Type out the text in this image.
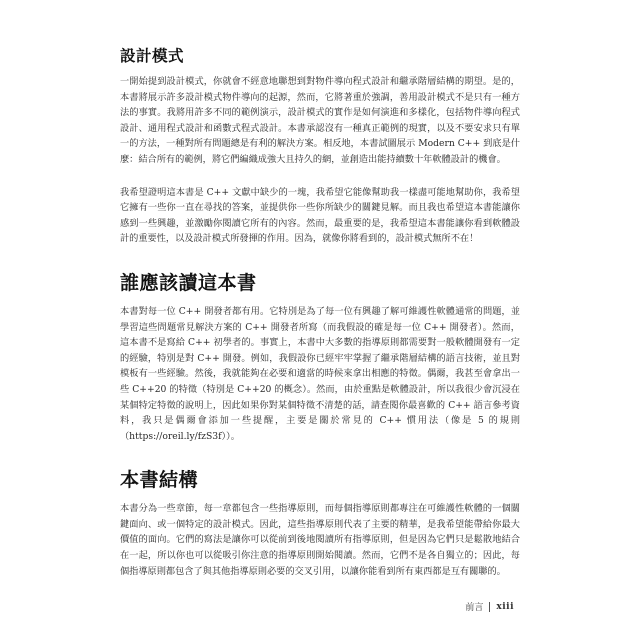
設計模式

一開始提到設計模式，你就會不經意地聯想到對物件導向程式設計和繼承階層結構的期望。是的，本書將展示許多設計模式物件導向的起源，然而，它將著重於強調，善用設計模式不是只有一種方法的事實。我將用許多不同的範例演示，設計模式的實作是如何演進和多樣化，包括物件導向程式設計、通用程式設計和函數式程式設計。本書承認沒有一種真正範例的現實，以及不要安求只有單一的方法，一種對所有問題總是有利的解決方案。相反地，本書試圖展示 Modern C++ 到底是什麼：結合所有的範例，將它們編織成強大且持久的網，並創造出能持續數十年軟體設計的機會。

我希望證明這本書是 C++ 文獻中缺少的一塊，我希望它能像幫助我一樣盡可能地幫助你，我希望它擁有一些你一直在尋找的答案，並提供你一些你所缺少的關鍵見解。而且我也希望這本書能讓你感到一些興趣，並激勵你閱讀它所有的內容。然而，最重要的是，我希望這本書能讓你看到軟體設計的重要性，以及設計模式所發揮的作用。因為，就像你將看到的，設計模式無所不在！

誰應該讀這本書

本書對每一位 C++ 開發者都有用。它特別是為了每一位有興趣了解可維護性軟體通常的問題，並學習這些問題常見解決方案的 C++ 開發者所寫（而我假設的確是每一位 C++ 開發者）。然而，這本書不是寫給 C++ 初學者的。事實上，本書中大多數的指導原則都需要對一般軟體開發有一定的經驗，特別是對 C++ 開發。例如，我假設你已經牢牢掌握了繼承階層結構的語言技術，並且對模板有一些經驗。然後，我就能夠在必要和適當的時候來拿出相應的特徵。偶爾，我甚至會拿出一些 C++20 的特徵（特別是 C++20 的概念）。然而，由於重點是軟體設計，所以我很少會沉浸在某個特定特徵的說明上，因此如果你對某個特徵不清楚的話，請查閱你最喜歡的 C++ 語言參考資料，我只是偶爾會添加一些提醒，主要是關於常見的 C++ 慣用法（像是 5 的規則（https://oreil.ly/fzS3f））。

本書結構

本書分為一些章節，每一章都包含一些指導原則，而每個指導原則都專注在可維護性軟體的一個關鍵面向、或一個特定的設計模式。因此，這些指導原則代表了主要的精華，是我希望能帶給你最大價值的面向。它們的寫法是讓你可以從前到後地閱讀所有指導原則，但是因為它們只是鬆散地結合在一起，所以你也可以從吸引你注意的指導原則開始閱讀。然而，它們不是各自獨立的；因此，每個指導原則都包含了與其他指導原則必要的交叉引用，以讓你能看到所有東西都是互有關聯的。

前言 xiii
